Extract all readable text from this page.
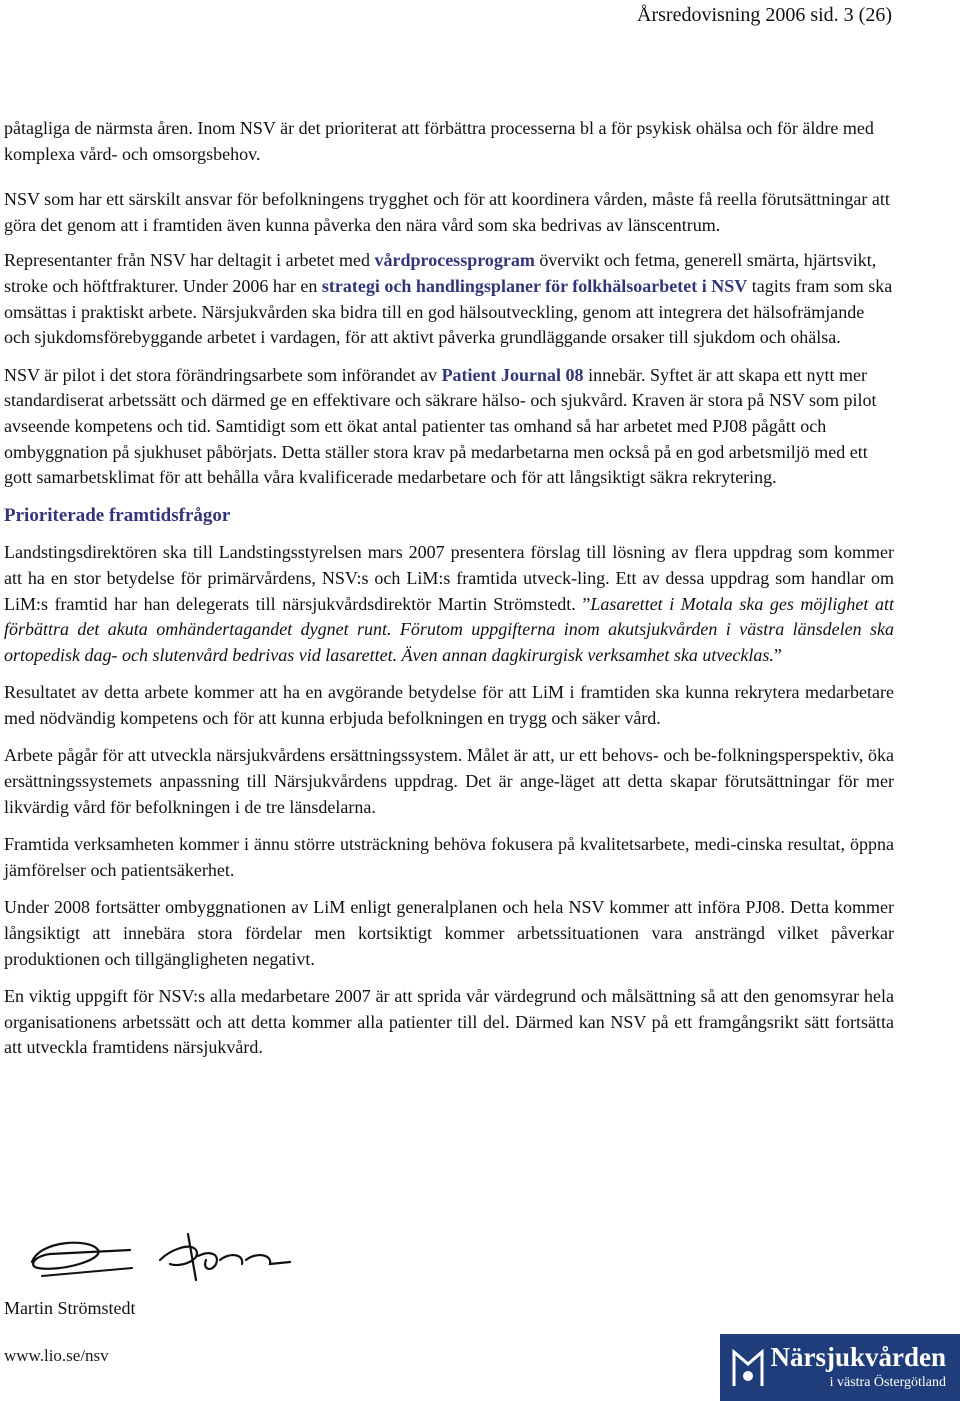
Årsredovisning 2006 sid. 3 (26)

påtagliga de närmsta åren. Inom NSV är det prioriterat att förbättra processerna bl a för psykisk ohälsa och för äldre med komplexa vård- och omsorgsbehov.

NSV som har ett särskilt ansvar för befolkningens trygghet och för att koordinera vården, måste få reella förutsättningar att göra det genom att i framtiden även kunna påverka den nära vård som ska bedrivas av länscentrum.

Representanter från NSV har deltagit i arbetet med vårdprocessprogram övervikt och fetma, generell smärta, hjärtsvikt, stroke och höftfrakturer. Under 2006 har en strategi och handlingsplaner för folkhälsoarbetet i NSV tagits fram som ska omsättas i praktiskt arbete. Närsjukvården ska bidra till en god hälsoutveckling, genom att integrera det hälsofrämjande och sjukdomsförebyggande arbetet i vardagen, för att aktivt påverka grundläggande orsaker till sjukdom och ohälsa.

NSV är pilot i det stora förändringsarbete som införandet av Patient Journal 08 innebär. Syftet är att skapa ett nytt mer standardiserat arbetssätt och därmed ge en effektivare och säkrare hälso- och sjukvård. Kraven är stora på NSV som pilot avseende kompetens och tid. Samtidigt som ett ökat antal patienter tas omhand så har arbetet med PJ08 pågått och ombyggnation på sjukhuset påbörjats. Detta ställer stora krav på medarbetarna men också på en god arbetsmiljö med ett gott samarbetsklimat för att behålla våra kvalificerade medarbetare och för att långsiktigt säkra rekrytering.

Prioriterade framtidsfrågor

Landstingsdirektören ska till Landstingsstyrelsen mars 2007 presentera förslag till lösning av flera uppdrag som kommer att ha en stor betydelse för primärvårdens, NSV:s och LiM:s framtida utveck-ling. Ett av dessa uppdrag som handlar om LiM:s framtid har han delegerats till närsjukvårdsdirektör Martin Strömstedt. ”Lasarettet i Motala ska ges möjlighet att förbättra det akuta omhändertagandet dygnet runt. Förutom uppgifterna inom akutsjukvården i västra länsdelen ska ortopedisk dag- och slutenvård bedrivas vid lasarettet. Även annan dagkirurgisk verksamhet ska utvecklas.”

Resultatet av detta arbete kommer att ha en avgörande betydelse för att LiM i framtiden ska kunna rekrytera medarbetare med nödvändig kompetens och för att kunna erbjuda befolkningen en trygg och säker vård.

Arbete pågår för att utveckla närsjukvårdens ersättningssystem. Målet är att, ur ett behovs- och be-folkningsperspektiv, öka ersättningssystemets anpassning till Närsjukvårdens uppdrag. Det är ange-läget att detta skapar förutsättningar för mer likvärdig vård för befolkningen i de tre länsdelarna.

Framtida verksamheten kommer i ännu större utsträckning behöva fokusera på kvalitetsarbete, medi-cinska resultat, öppna jämförelser och patientsäkerhet.

Under 2008 fortsätter ombyggnationen av LiM enligt generalplanen och hela NSV kommer att införa PJ08. Detta kommer långsiktigt att innebära stora fördelar men kortsiktigt kommer arbetssituationen vara ansträngd vilket påverkar produktionen och tillgängligheten negativt.

En viktig uppgift för NSV:s alla medarbetare 2007 är att sprida vår värdegrund och målsättning så att den genomsyrar hela organisationens arbetssätt och att detta kommer alla patienter till del. Därmed kan NSV på ett framgångsrikt sätt fortsätta att utveckla framtidens närsjukvård.

Martin Strömstedt
www.lio.se/nsv	Närsjukvården
i västra Östergötland
